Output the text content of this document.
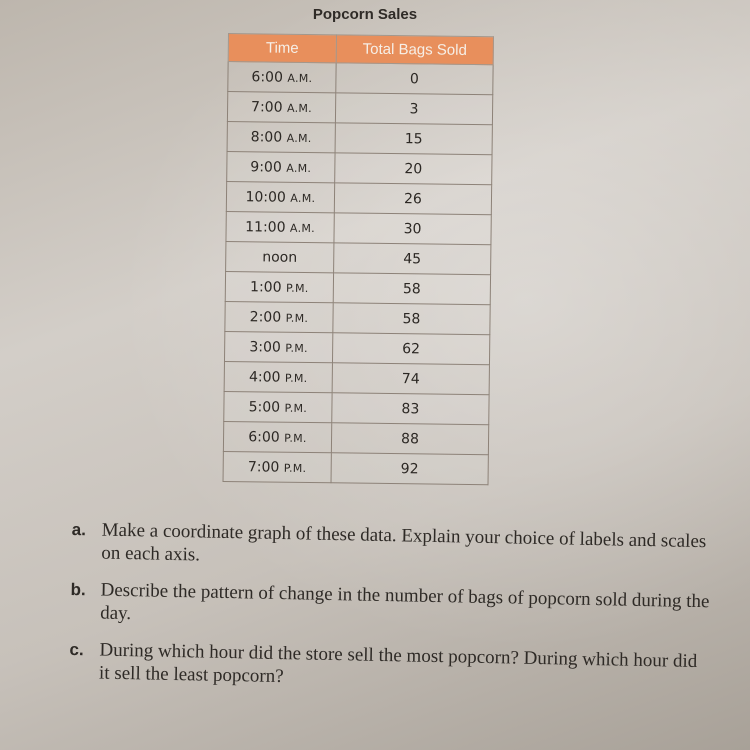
Popcorn Sales
Time	Total Bags Sold
6:00 A.M.	0
7:00 A.M.	3
8:00 A.M.	15
9:00 A.M.	20
10:00 A.M.	26
11:00 A.M.	30
noon	45
1:00 P.M.	58
2:00 P.M.	58
3:00 P.M.	62
4:00 P.M.	74
5:00 P.M.	83
6:00 P.M.	88
7:00 P.M.	92
a. Make a coordinate graph of these data. Explain your choice of labels and scales on each axis.
b. Describe the pattern of change in the number of bags of popcorn sold during the day.
c. During which hour did the store sell the most popcorn? During which hour did it sell the least popcorn?
